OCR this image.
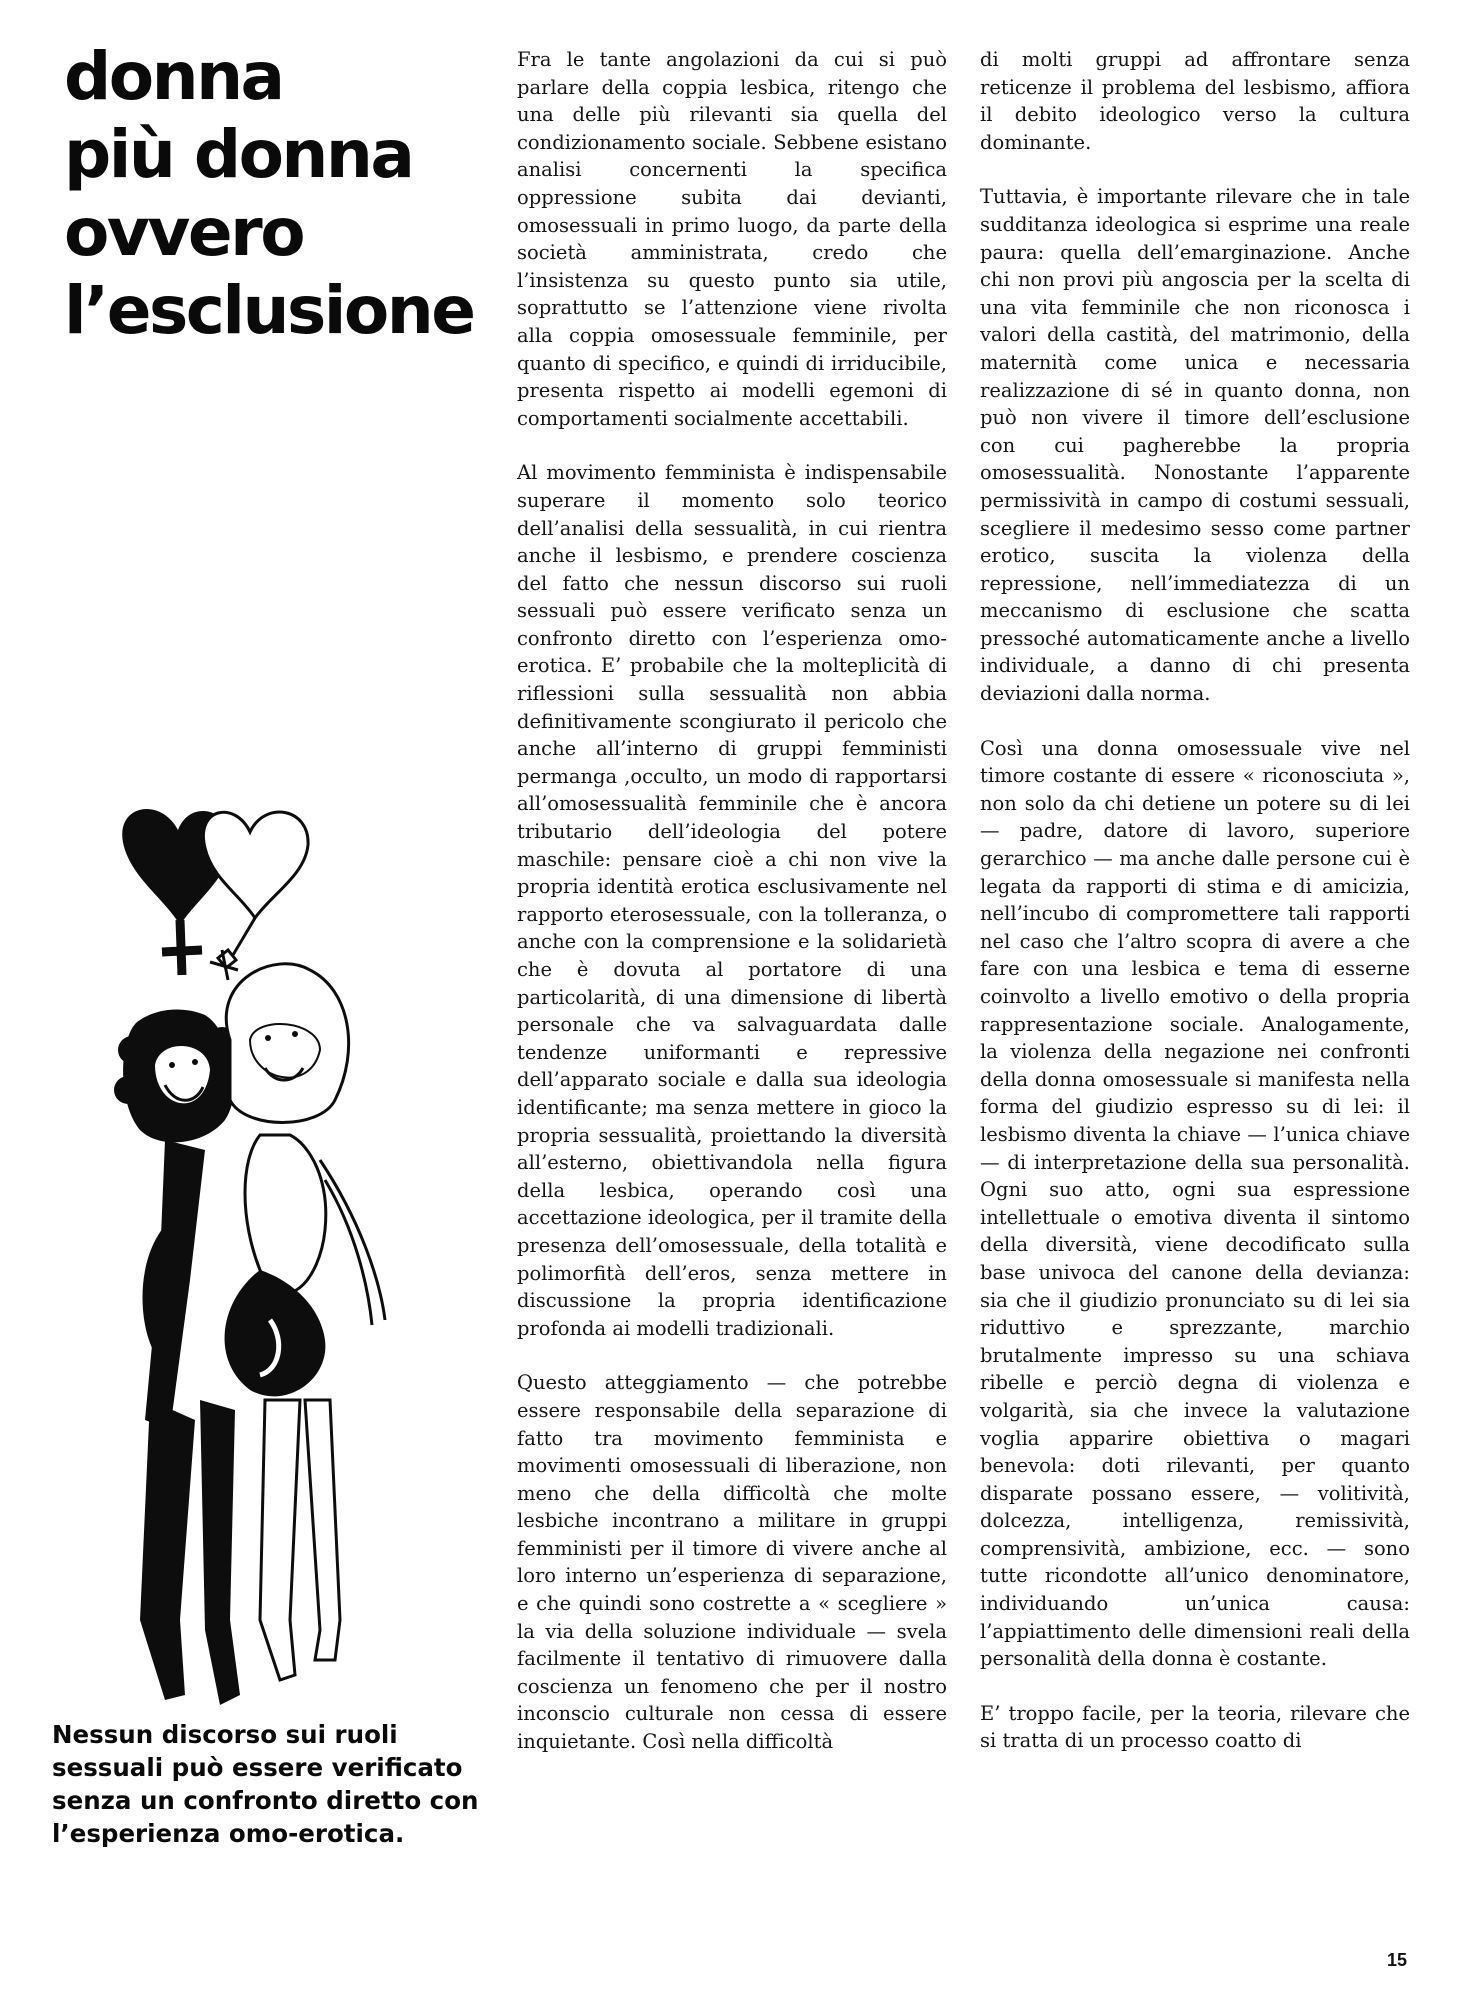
donna
più donna
ovvero
l’esclusione

Nessun discorso sui ruoli sessuali può essere verificato senza un confronto diretto con l’esperienza omo-erotica.

Fra le tante angolazioni da cui si può parlare della coppia lesbica, ritengo che una delle più rilevanti sia quella del condizionamento sociale. Sebbene esistano analisi concernenti la specifica oppressione subita dai devianti, omosessuali in primo luogo, da parte della società amministrata, credo che l’insistenza su questo punto sia utile, soprattutto se l’attenzione viene rivolta alla coppia omosessuale femminile, per quanto di specifico, e quindi di irriducibile, presenta rispetto ai modelli egemoni di comportamenti socialmente accettabili.

Al movimento femminista è indispensabile superare il momento solo teorico dell’analisi della sessualità, in cui rientra anche il lesbismo, e prendere coscienza del fatto che nessun discorso sui ruoli sessuali può essere verificato senza un confronto diretto con l’esperienza omo-erotica. E’ probabile che la molteplicità di riflessioni sulla sessualità non abbia definitivamente scongiurato il pericolo che anche all’interno di gruppi femministi permanga ,occulto, un modo di rapportarsi all’omosessualità femminile che è ancora tributario dell’ideologia del potere maschile: pensare cioè a chi non vive la propria identità erotica esclusivamente nel rapporto eterosessuale, con la tolleranza, o anche con la comprensione e la solidarietà che è dovuta al portatore di una particolarità, di una dimensione di libertà personale che va salvaguardata dalle tendenze uniformanti e repressive dell’apparato sociale e dalla sua ideologia identificante; ma senza mettere in gioco la propria sessualità, proiettando la diversità all’esterno, obiettivandola nella figura della lesbica, operando così una accettazione ideologica, per il tramite della presenza dell’omosessuale, della totalità e polimorfità dell’eros, senza mettere in discussione la propria identificazione profonda ai modelli tradizionali.

Questo atteggiamento — che potrebbe essere responsabile della separazione di fatto tra movimento femminista e movimenti omosessuali di liberazione, non meno che della difficoltà che molte lesbiche incontrano a militare in gruppi femministi per il timore di vivere anche al loro interno un’esperienza di separazione, e che quindi sono costrette a « scegliere » la via della soluzione individuale — svela facilmente il tentativo di rimuovere dalla coscienza un fenomeno che per il nostro inconscio culturale non cessa di essere inquietante. Così nella difficoltà

di molti gruppi ad affrontare senza reticenze il problema del lesbismo, affiora il debito ideologico verso la cultura dominante.

Tuttavia, è importante rilevare che in tale sudditanza ideologica si esprime una reale paura: quella dell’emarginazione. Anche chi non provi più angoscia per la scelta di una vita femminile che non riconosca i valori della castità, del matrimonio, della maternità come unica e necessaria realizzazione di sé in quanto donna, non può non vivere il timore dell’esclusione con cui pagherebbe la propria omosessualità. Nonostante l’apparente permissività in campo di costumi sessuali, scegliere il medesimo sesso come partner erotico, suscita la violenza della repressione, nell’immediatezza di un meccanismo di esclusione che scatta pressoché automaticamente anche a livello individuale, a danno di chi presenta deviazioni dalla norma.

Così una donna omosessuale vive nel timore costante di essere « riconosciuta », non solo da chi detiene un potere su di lei — padre, datore di lavoro, superiore gerarchico — ma anche dalle persone cui è legata da rapporti di stima e di amicizia, nell’incubo di compromettere tali rapporti nel caso che l’altro scopra di avere a che fare con una lesbica e tema di esserne coinvolto a livello emotivo o della propria rappresentazione sociale. Analogamente, la violenza della negazione nei confronti della donna omosessuale si manifesta nella forma del giudizio espresso su di lei: il lesbismo diventa la chiave — l’unica chiave — di interpretazione della sua personalità. Ogni suo atto, ogni sua espressione intellettuale o emotiva diventa il sintomo della diversità, viene decodificato sulla base univoca del canone della devianza: sia che il giudizio pronunciato su di lei sia riduttivo e sprezzante, marchio brutalmente impresso su una schiava ribelle e perciò degna di violenza e volgarità, sia che invece la valutazione voglia apparire obiettiva o magari benevola: doti rilevanti, per quanto disparate possano essere, — volitività, dolcezza, intelligenza, remissività, comprensività, ambizione, ecc. — sono tutte ricondotte all’unico denominatore, individuando un’unica causa: l’appiattimento delle dimensioni reali della personalità della donna è costante.

E’ troppo facile, per la teoria, rilevare che si tratta di un processo coatto di

15
